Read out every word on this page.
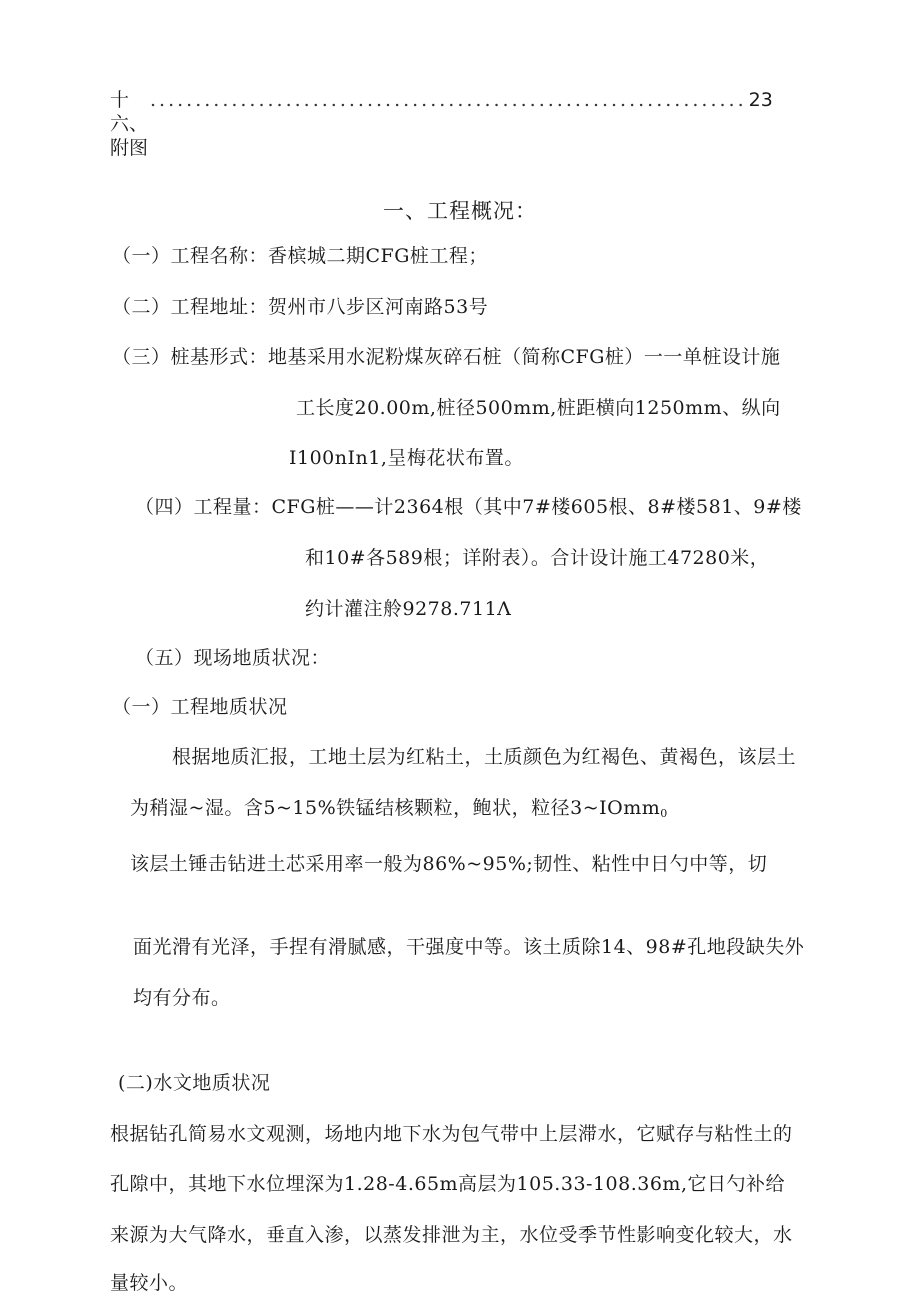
十六、附图
.................................................................. 23
一、工程概况：
（一）工程名称：香槟城二期CFG桩工程；
（二）工程地址：贺州市八步区河南路53号
（三）桩基形式：地基采用水泥粉煤灰碎石桩（简称CFG桩）一一单桩设计施
工长度20.00m,桩径500mm,桩距横向1250mm、纵向
I100nIn1,呈梅花状布置。
（四）工程量：CFG桩——计2364根（其中7#楼605根、8#楼581、9#楼
和10#各589根；详附表）。合计设计施工47280米，
约计灌注舲9278.711Λ
（五）现场地质状况：
（一）工程地质状况
根据地质汇报，工地土层为红粘土，土质颜色为红褐色、黄褐色，该层土
为稍湿~湿。含5~15%铁锰结核颗粒，鲍状，粒径3~IOmm0
该层土锤击钻进土芯采用率一般为86%~95%;韧性、粘性中日勺中等，切
面光滑有光泽，手捏有滑腻感，干强度中等。该土质除14、98#孔地段缺失外
均有分布。
(二)水文地质状况
根据钻孔简易水文观测，场地内地下水为包气带中上层滞水，它赋存与粘性土的
孔隙中，其地下水位埋深为1.28-4.65m高层为105.33-108.36m,它日勺补给
来源为大气降水，垂直入渗，以蒸发排泄为主，水位受季节性影响变化较大，水
量较小。
